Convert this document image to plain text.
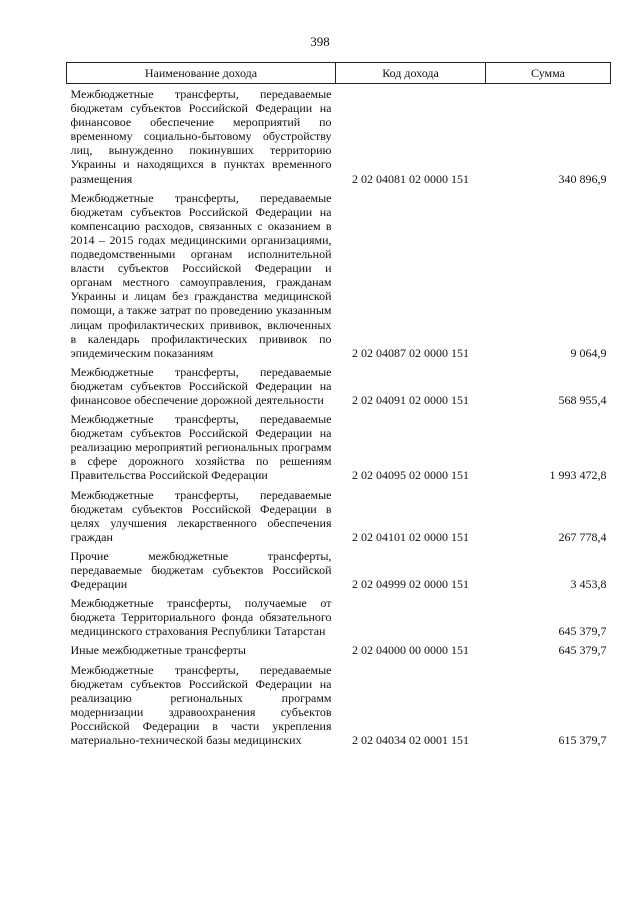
398
Наименование дохода	Код дохода	Сумма
Межбюджетные трансферты, передаваемые бюджетам субъектов Российской Федерации на финансовое обеспечение мероприятий по временному социально-бытовому обустройству лиц, вынужденно покинувших территорию Украины и находящихся в пунктах временного размещения	2 02 04081 02 0000 151	340 896,9
Межбюджетные трансферты, передаваемые бюджетам субъектов Российской Федерации на компенсацию расходов, связанных с оказанием в 2014 – 2015 годах медицинскими организациями, подведомственными органам исполнительной власти субъектов Российской Федерации и органам местного самоуправления, гражданам Украины и лицам без гражданства медицинской помощи, а также затрат по проведению указанным лицам профилактических прививок, включенных в календарь профилактических прививок по эпидемическим показаниям	2 02 04087 02 0000 151	9 064,9
Межбюджетные трансферты, передаваемые бюджетам субъектов Российской Федерации на финансовое обеспечение дорожной деятельности	2 02 04091 02 0000 151	568 955,4
Межбюджетные трансферты, передаваемые бюджетам субъектов Российской Федерации на реализацию мероприятий региональных программ в сфере дорожного хозяйства по решениям Правительства Российской Федерации	2 02 04095 02 0000 151	1 993 472,8
Межбюджетные трансферты, передаваемые бюджетам субъектов Российской Федерации в целях улучшения лекарственного обеспечения граждан	2 02 04101 02 0000 151	267 778,4
Прочие межбюджетные трансферты, передаваемые бюджетам субъектов Российской Федерации	2 02 04999 02 0000 151	3 453,8
Межбюджетные трансферты, получаемые от бюджета Территориального фонда обязательного медицинского страхования Республики Татарстан		645 379,7
Иные межбюджетные трансферты	2 02 04000 00 0000 151	645 379,7
Межбюджетные трансферты, передаваемые бюджетам субъектов Российской Федерации на реализацию региональных программ модернизации здравоохранения субъектов Российской Федерации в части укрепления материально-технической базы медицинских	2 02 04034 02 0001 151	615 379,7
